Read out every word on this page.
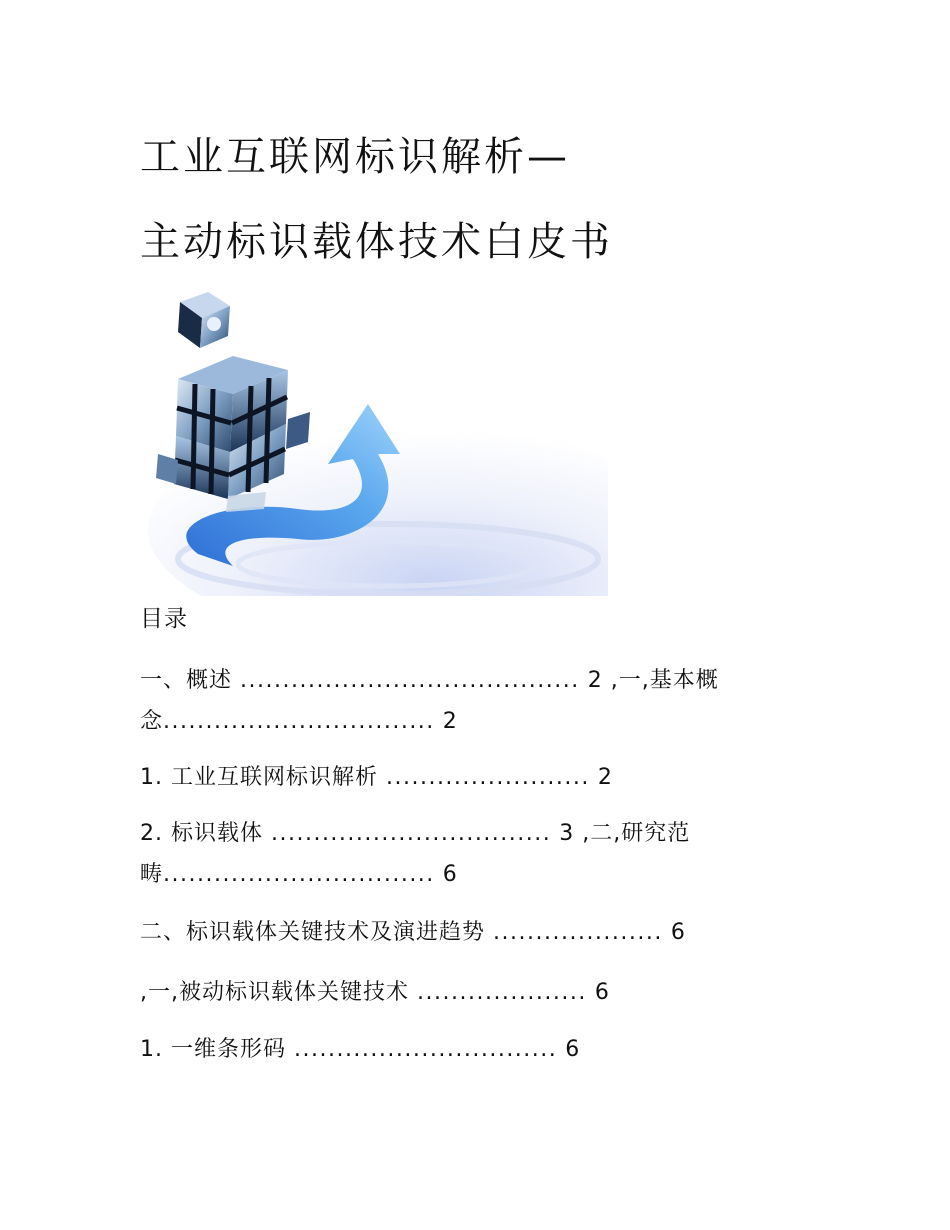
工业互联网标识解析—
主动标识载体技术白皮书
目录
一、概述 ........................................ 2 ,一,基本概
念................................ 2
1. 工业互联网标识解析 ........................ 2
2. 标识载体 ................................. 3 ,二,研究范
畴................................ 6
二、标识载体关键技术及演进趋势 .................... 6
,一,被动标识载体关键技术 .................... 6
1. 一维条形码 ............................... 6
